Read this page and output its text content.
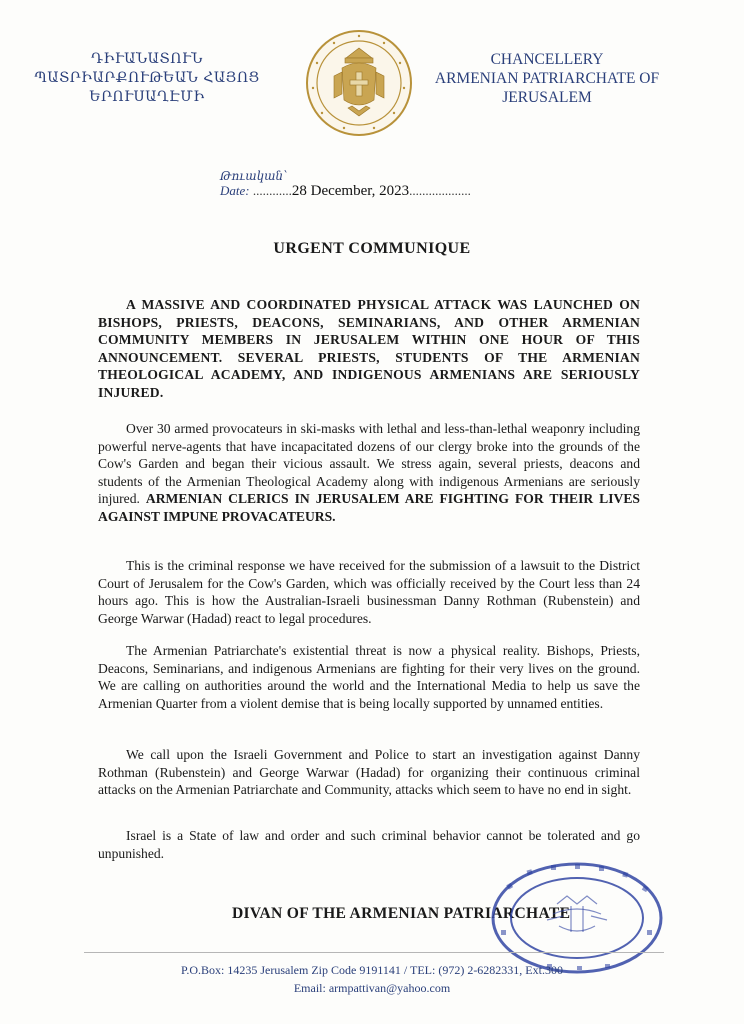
ԴԻՒԱՆԱՏՈՒՆ
ՊԱՏՐԻԱՐՔՈՒԹԵԱՆ ՀԱՅՈՑ
ԵՐՈՒՍԱՂԷՄԻ
CHANCELLERY
ARMENIAN PATRIARCHATE OF
JERUSALEM
Թուական՝
Date: ............28 December, 2023...................
URGENT COMMUNIQUE

A MASSIVE AND COORDINATED PHYSICAL ATTACK WAS LAUNCHED ON BISHOPS, PRIESTS, DEACONS, SEMINARIANS, AND OTHER ARMENIAN COMMUNITY MEMBERS IN JERUSALEM WITHIN ONE HOUR OF THIS ANNOUNCEMENT. SEVERAL PRIESTS, STUDENTS OF THE ARMENIAN THEOLOGICAL ACADEMY, AND INDIGENOUS ARMENIANS ARE SERIOUSLY INJURED.

Over 30 armed provocateurs in ski-masks with lethal and less-than-lethal weaponry including powerful nerve-agents that have incapacitated dozens of our clergy broke into the grounds of the Cow's Garden and began their vicious assault. We stress again, several priests, deacons and students of the Armenian Theological Academy along with indigenous Armenians are seriously injured. ARMENIAN CLERICS IN JERUSALEM ARE FIGHTING FOR THEIR LIVES AGAINST IMPUNE PROVACATEURS.

This is the criminal response we have received for the submission of a lawsuit to the District Court of Jerusalem for the Cow's Garden, which was officially received by the Court less than 24 hours ago. This is how the Australian-Israeli businessman Danny Rothman (Rubenstein) and George Warwar (Hadad) react to legal procedures.

The Armenian Patriarchate's existential threat is now a physical reality. Bishops, Priests, Deacons, Seminarians, and indigenous Armenians are fighting for their very lives on the ground. We are calling on authorities around the world and the International Media to help us save the Armenian Quarter from a violent demise that is being locally supported by unnamed entities.

We call upon the Israeli Government and Police to start an investigation against Danny Rothman (Rubenstein) and George Warwar (Hadad) for organizing their continuous criminal attacks on the Armenian Patriarchate and Community, attacks which seem to have no end in sight.

Israel is a State of law and order and such criminal behavior cannot be tolerated and go unpunished.

DIVAN OF THE ARMENIAN PATRIARCHATE
P.O.Box: 14235 Jerusalem Zip Code 9191141 / TEL: (972) 2-6282331, Ext.300
Email: armpattivan@yahoo.com
